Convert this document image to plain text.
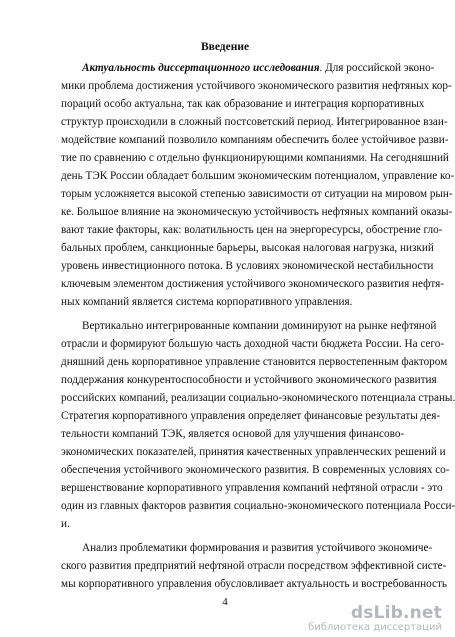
Введение
Актуальность диссертационного исследования. Для российской эконо-
мики проблема достижения устойчивого экономического развития нефтяных кор-
пораций особо актуальна, так как образование и интеграция корпоративных
структур происходили в сложный постсоветский период. Интегрированное взаи-
модействие компаний позволило компаниям обеспечить более устойчивое разви-
тие по сравнению с отдельно функционирующими компаниями. На сегодняшний
день ТЭК России обладает большим экономическим потенциалом, управление ко-
торым усложняется высокой степенью зависимости от ситуации на мировом рын-
ке. Большое влияние на экономическую устойчивость нефтяных компаний оказы-
вают такие факторы, как: волатильность цен на энергоресурсы, обострение гло-
бальных проблем, санкционные барьеры, высокая налоговая нагрузка, низкий
уровень инвестиционного потока. В условиях экономической нестабильности
ключевым элементом достижения устойчивого экономического развития нефтя-
ных компаний является система корпоративного управления.
Вертикально интегрированные компании доминируют на рынке нефтяной
отрасли и формируют большую часть доходной части бюджета России. На сего-
дняшний день корпоративное управление становится первостепенным фактором
поддержания конкурентоспособности и устойчивого экономического развития
российских компаний, реализации социально-экономического потенциала страны.
Стратегия корпоративного управления определяет финансовые результаты дея-
тельности компаний ТЭК, является основой для улучшения финансово-
экономических показателей, принятия качественных управленческих решений и
обеспечения устойчивого экономического развития. В современных условиях со-
вершенствование корпоративного управления компаний нефтяной отрасли - это
один из главных факторов развития социально-экономического потенциала Росси-
и.
Анализ проблематики формирования и развития устойчивого экономиче-
ского развития предприятий нефтяной отрасли посредством эффективной систе-
мы корпоративного управления обусловливает актуальность и востребованность
4
dsLib.net
библиотека диссертаций
